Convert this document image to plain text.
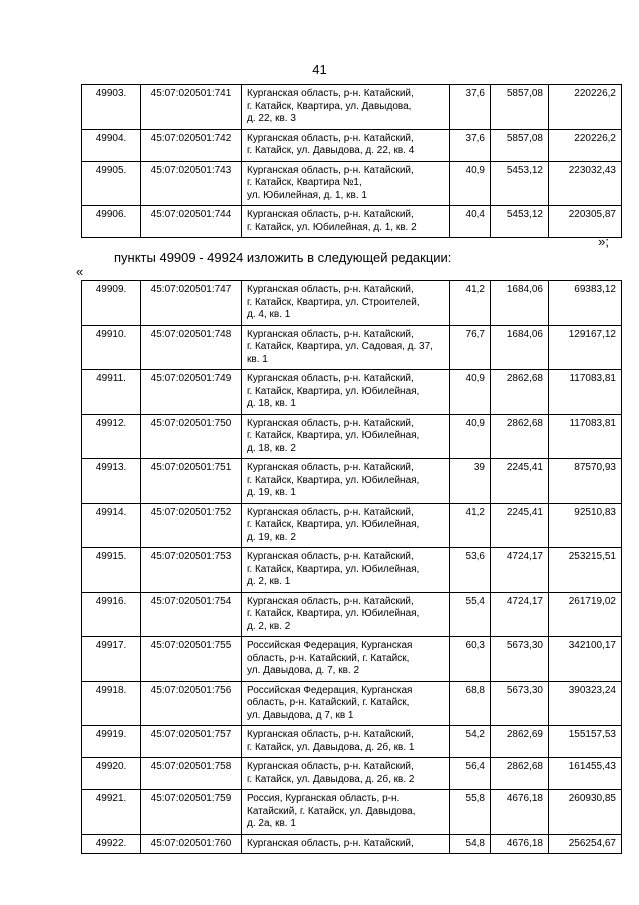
41
49903.	45:07:020501:741	Курганская область, р-н. Катайский,
г. Катайск, Квартира, ул. Давыдова,
д. 22, кв. 3	37,6	5857,08	220226,2
49904.	45:07:020501:742	Курганская область, р-н. Катайский,
г. Катайск, ул. Давыдова, д. 22, кв. 4	37,6	5857,08	220226,2
49905.	45:07:020501:743	Курганская область, р-н. Катайский,
г. Катайск, Квартира №1,
ул. Юбилейная, д. 1, кв. 1	40,9	5453,12	223032,43
49906.	45:07:020501:744	Курганская область, р-н. Катайский,
г. Катайск, ул. Юбилейная, д. 1, кв. 2	40,4	5453,12	220305,87
»;
пункты 49909 - 49924 изложить в следующей редакции:
«
49909.	45:07:020501:747	Курганская область, р-н. Катайский,
г. Катайск, Квартира, ул. Строителей,
д. 4, кв. 1	41,2	1684,06	69383,12
49910.	45:07:020501:748	Курганская область, р-н. Катайский,
г. Катайск, Квартира, ул. Садовая, д. 37,
кв. 1	76,7	1684,06	129167,12
49911.	45:07:020501:749	Курганская область, р-н. Катайский,
г. Катайск, Квартира, ул. Юбилейная,
д. 18, кв. 1	40,9	2862,68	117083,81
49912.	45:07:020501:750	Курганская область, р-н. Катайский,
г. Катайск, Квартира, ул. Юбилейная,
д. 18, кв. 2	40,9	2862,68	117083,81
49913.	45:07:020501:751	Курганская область, р-н. Катайский,
г. Катайск, Квартира, ул. Юбилейная,
д. 19, кв. 1	39	2245,41	87570,93
49914.	45:07:020501:752	Курганская область, р-н. Катайский,
г. Катайск, Квартира, ул. Юбилейная,
д. 19, кв. 2	41,2	2245,41	92510,83
49915.	45:07:020501:753	Курганская область, р-н. Катайский,
г. Катайск, Квартира, ул. Юбилейная,
д. 2, кв. 1	53,6	4724,17	253215,51
49916.	45:07:020501:754	Курганская область, р-н. Катайский,
г. Катайск, Квартира, ул. Юбилейная,
д. 2, кв. 2	55,4	4724,17	261719,02
49917.	45:07:020501:755	Российская Федерация, Курганская
область, р-н. Катайский, г. Катайск,
ул. Давыдова, д. 7, кв. 2	60,3	5673,30	342100,17
49918.	45:07:020501:756	Российская Федерация, Курганская
область, р-н. Катайский, г. Катайск,
ул. Давыдова, д 7, кв 1	68,8	5673,30	390323,24
49919.	45:07:020501:757	Курганская область, р-н. Катайский,
г. Катайск, ул. Давыдова, д. 2б, кв. 1	54,2	2862,69	155157,53
49920.	45:07:020501:758	Курганская область, р-н. Катайский,
г. Катайск, ул. Давыдова, д. 2б, кв. 2	56,4	2862,68	161455,43
49921.	45:07:020501:759	Россия, Курганская область, р-н.
Катайский, г. Катайск, ул. Давыдова,
д. 2а, кв. 1	55,8	4676,18	260930,85
49922.	45:07:020501:760	Курганская область, р-н. Катайский,	54,8	4676,18	256254,67
